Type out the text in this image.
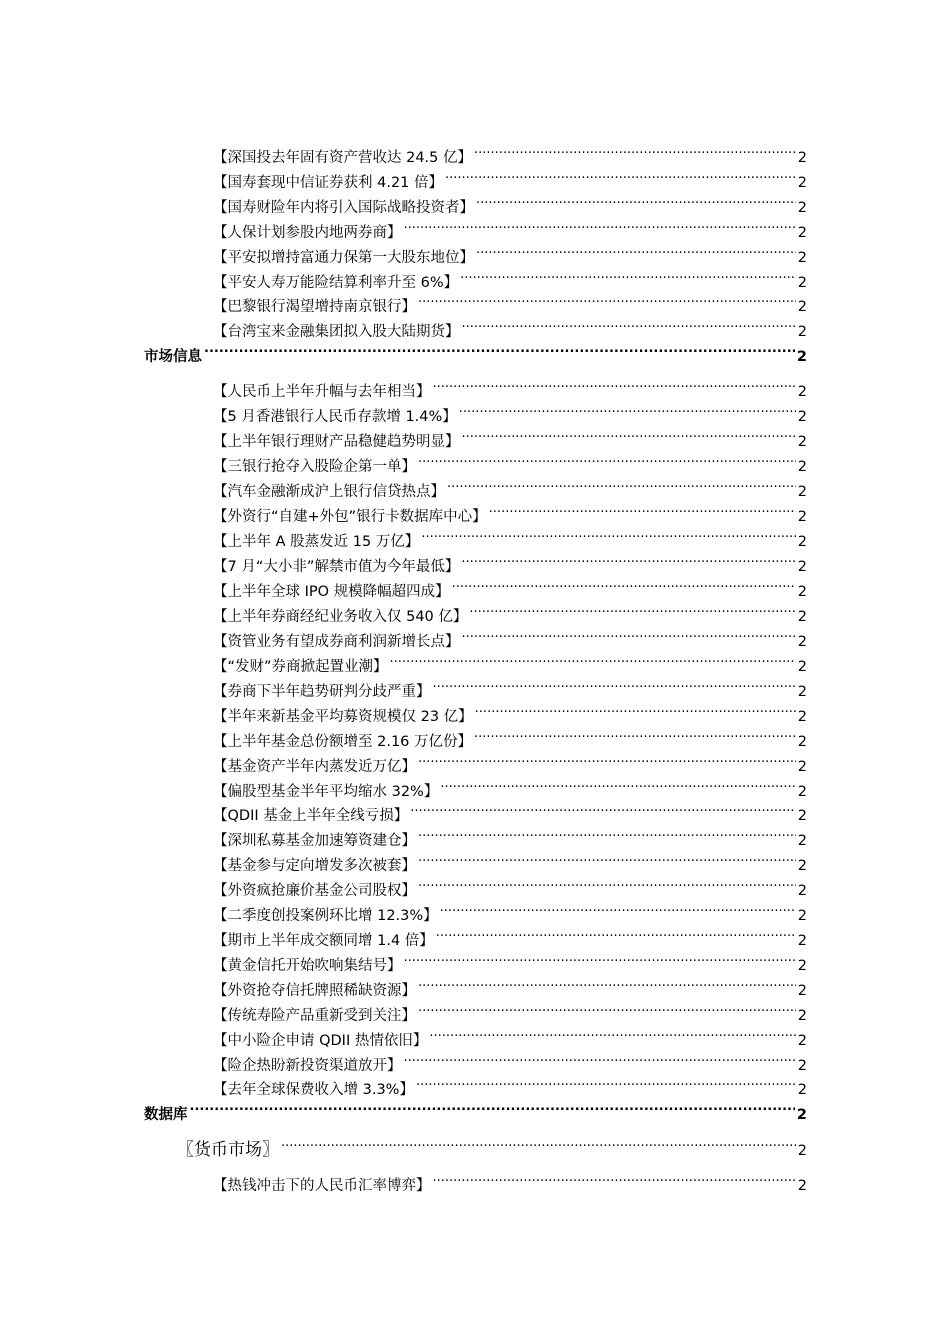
【深国投去年固有资产营收达 24.5 亿】 .....	2
【国寿套现中信证券获利 4.21 倍】 .....	2
【国寿财险年内将引入国际战略投资者】 .....	2
【人保计划参股内地两券商】 .....	2
【平安拟增持富通力保第一大股东地位】 .....	2
【平安人寿万能险结算利率升至 6%】 .....	2
【巴黎银行渴望增持南京银行】 .....	2
【台湾宝来金融集团拟入股大陆期货】 .....	2
市场信息 .....	2
【人民币上半年升幅与去年相当】 .....	2
【5 月香港银行人民币存款增 1.4%】 .....	2
【上半年银行理财产品稳健趋势明显】 .....	2
【三银行抢夺入股险企第一单】 .....	2
【汽车金融渐成沪上银行信贷热点】 .....	2
【外资行“自建+外包”银行卡数据库中心】 .....	2
【上半年 A 股蒸发近 15 万亿】 .....	2
【7 月“大小非”解禁市值为今年最低】 .....	2
【上半年全球 IPO 规模降幅超四成】 .....	2
【上半年券商经纪业务收入仅 540 亿】 .....	2
【资管业务有望成券商利润新增长点】 .....	2
【“发财”券商掀起置业潮】 .....	2
【券商下半年趋势研判分歧严重】 .....	2
【半年来新基金平均募资规模仅 23 亿】 .....	2
【上半年基金总份额增至 2.16 万亿份】 .....	2
【基金资产半年内蒸发近万亿】 .....	2
【偏股型基金半年平均缩水 32%】 .....	2
【QDII 基金上半年全线亏损】 .....	2
【深圳私募基金加速筹资建仓】 .....	2
【基金参与定向增发多次被套】 .....	2
【外资疯抢廉价基金公司股权】 .....	2
【二季度创投案例环比增 12.3%】 .....	2
【期市上半年成交额同增 1.4 倍】 .....	2
【黄金信托开始吹响集结号】 .....	2
【外资抢夺信托牌照稀缺资源】 .....	2
【传统寿险产品重新受到关注】 .....	2
【中小险企申请 QDII 热情依旧】 .....	2
【险企热盼新投资渠道放开】 .....	2
【去年全球保费收入增 3.3%】 .....	2
数据库 .....	2
〖货币市场〗 .....	2
【热钱冲击下的人民币汇率博弈】 .....	2
